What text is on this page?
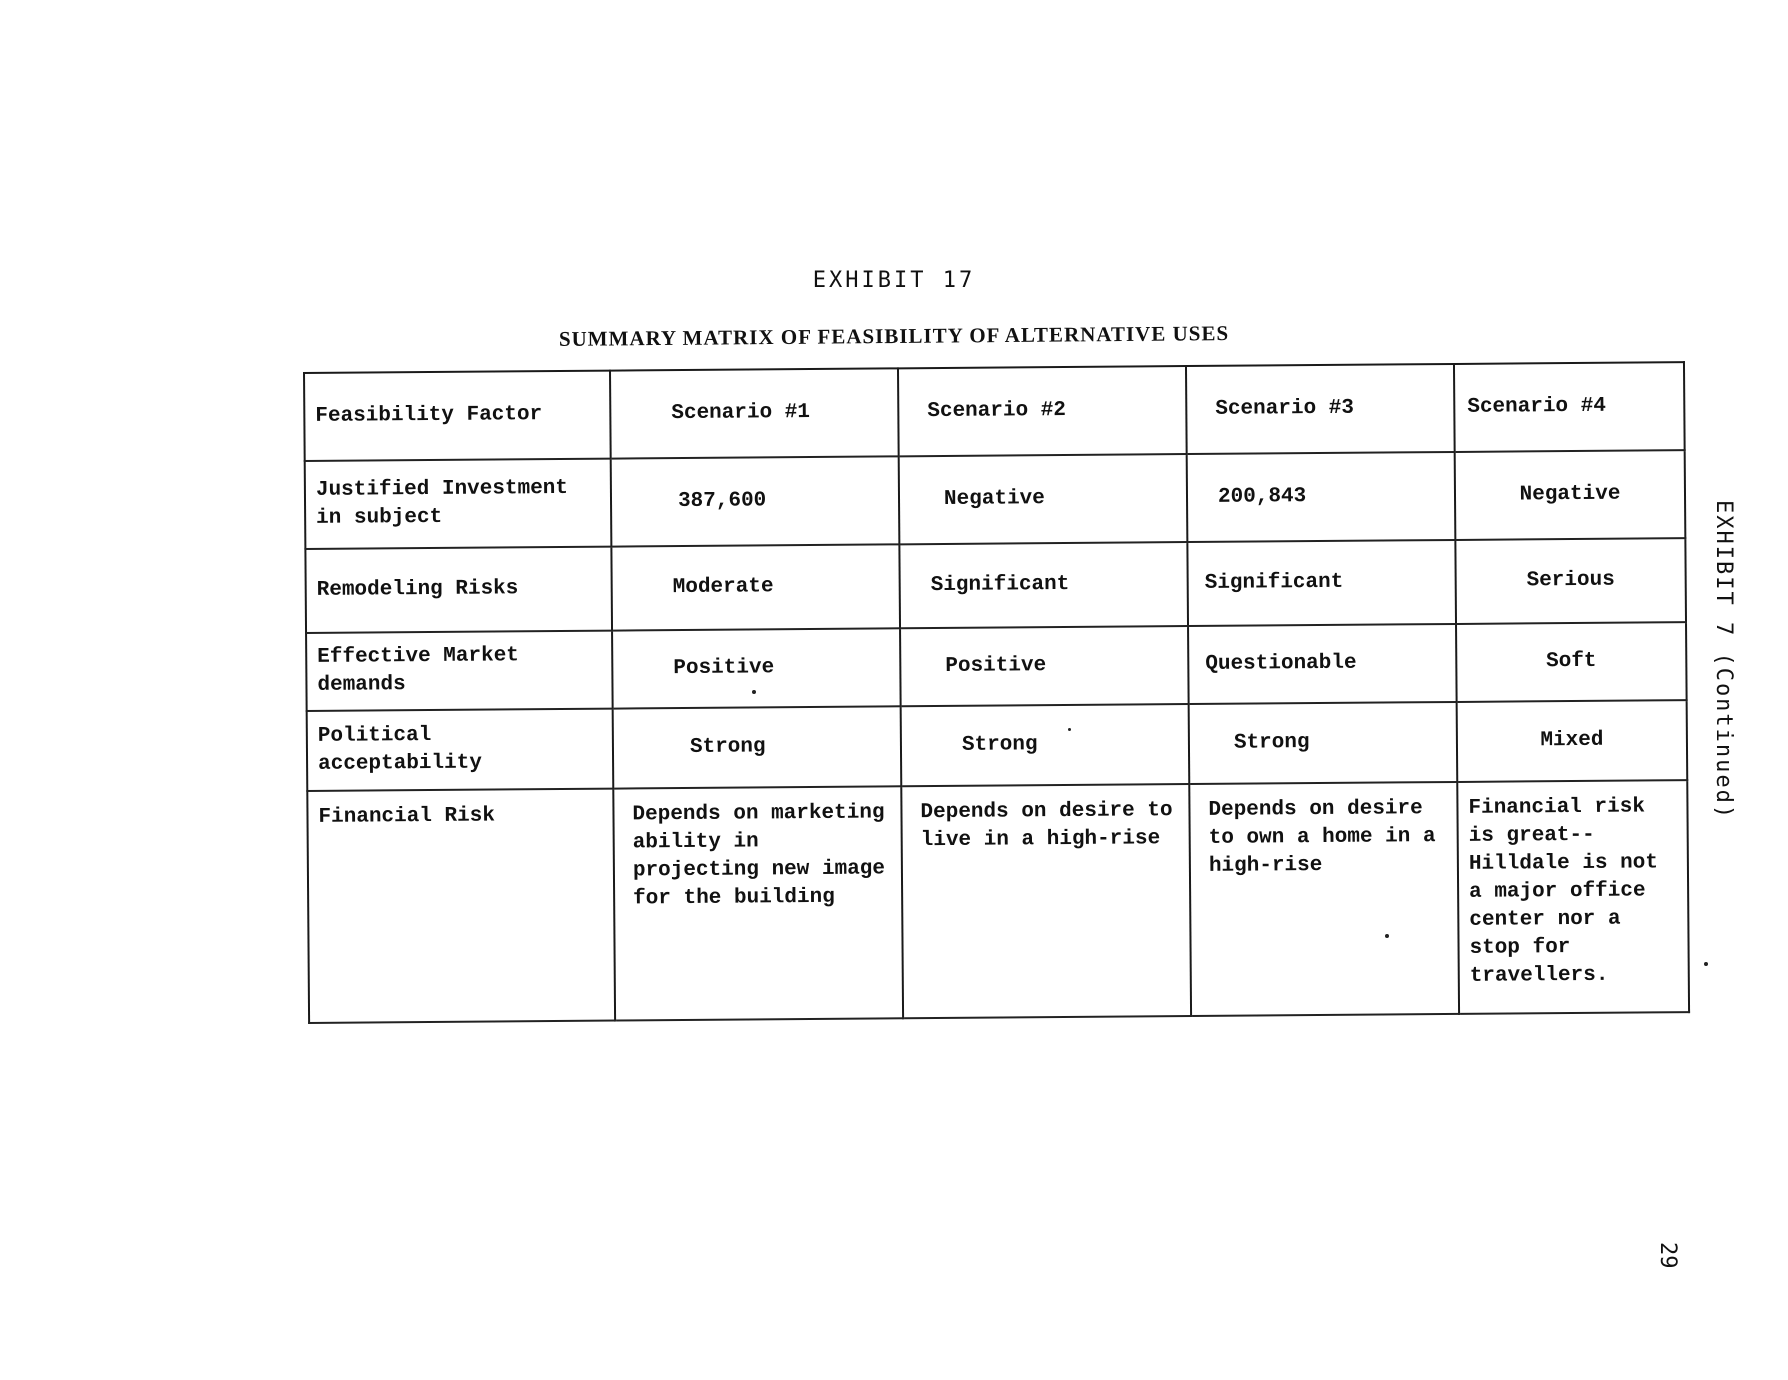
EXHIBIT 17
SUMMARY MATRIX OF FEASIBILITY OF ALTERNATIVE USES
Feasibility Factor	Scenario #1	Scenario #2	Scenario #3	Scenario #4
Justified Investment in subject	387,600	Negative	200,843	Negative
Remodeling Risks	Moderate	Significant	Significant	Serious
Effective Market demands	Positive	Positive	Questionable	Soft
Political acceptability	Strong	Strong	Strong	Mixed
Financial Risk	Depends on marketing ability in projecting new image for the building	Depends on desire to live in a high-rise	Depends on desire to own a home in a high-rise	Financial risk is great--Hilldale is not a major office center nor a stop for travellers.
EXHIBIT 7 (Continued)
29
